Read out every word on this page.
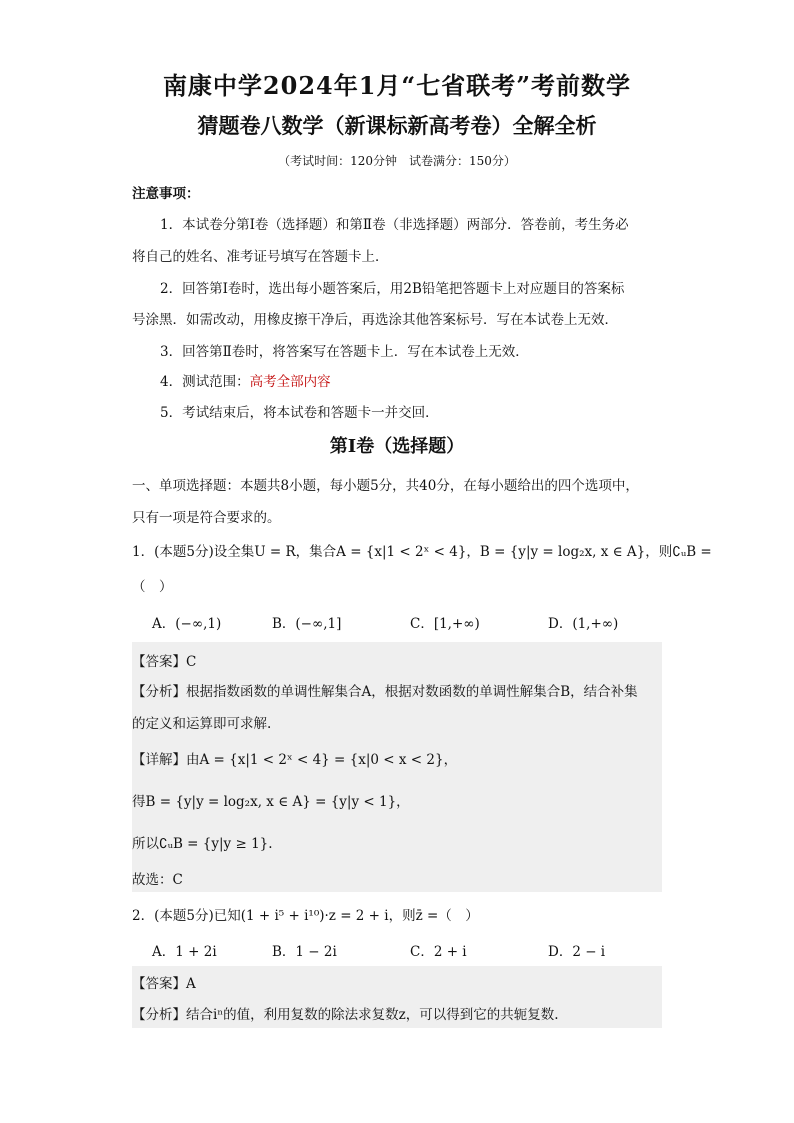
南康中学2024年1月“七省联考”考前数学
猜题卷八数学（新课标新高考卷）全解全析
（考试时间：120分钟　试卷满分：150分）
注意事项：
1．本试卷分第Ⅰ卷（选择题）和第Ⅱ卷（非选择题）两部分．答卷前，考生务必
将自己的姓名、准考证号填写在答题卡上．
2．回答第Ⅰ卷时，选出每小题答案后，用2B铅笔把答题卡上对应题目的答案标
号涂黑．如需改动，用橡皮擦干净后，再选涂其他答案标号．写在本试卷上无效．
3．回答第Ⅱ卷时，将答案写在答题卡上．写在本试卷上无效．
4．测试范围：高考全部内容
5．考试结束后，将本试卷和答题卡一并交回．
第Ⅰ卷（选择题）
一、单项选择题：本题共8小题，每小题5分，共40分，在每小题给出的四个选项中，
只有一项是符合要求的。
1．(本题5分)设全集U = R，集合A = {x|1 < 2ˣ < 4}，B = {y|y = log₂x, x ∈ A}，则∁ᵤB =
（　）
A．(−∞,1)	B．(−∞,1]	C．[1,+∞)	D．(1,+∞)
【答案】C
【分析】根据指数函数的单调性解集合A，根据对数函数的单调性解集合B，结合补集
的定义和运算即可求解.
【详解】由A = {x|1 < 2ˣ < 4} = {x|0 < x < 2}，
得B = {y|y = log₂x, x ∈ A} = {y|y < 1}，
所以∁ᵤB = {y|y ≥ 1}.
故选：C
2．(本题5分)已知(1 + i⁵ + i¹⁰)·z = 2 + i，则z̄ =（　）
A．1 + 2i	B．1 − 2i	C．2 + i	D．2 − i
【答案】A
【分析】结合iⁿ的值，利用复数的除法求复数z，可以得到它的共轭复数.
